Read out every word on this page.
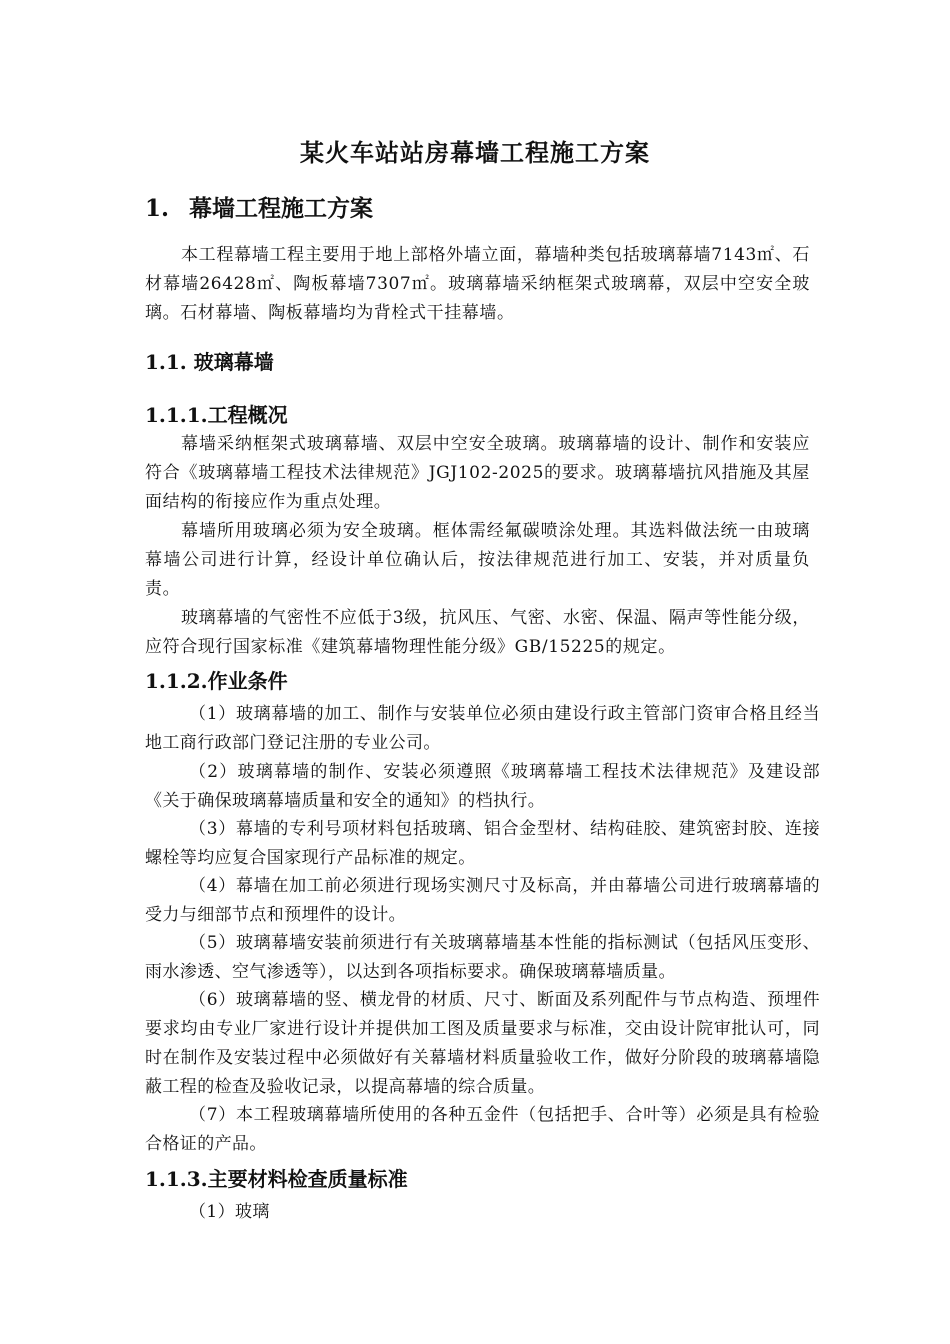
某火车站站房幕墙工程施工方案
1. 幕墙工程施工方案

本工程幕墙工程主要用于地上部格外墙立面，幕墙种类包括玻璃幕墙7143㎡、石材幕墙26428㎡、陶板幕墙7307㎡。玻璃幕墙采纳框架式玻璃幕，双层中空安全玻璃。石材幕墙、陶板幕墙均为背栓式干挂幕墙。

1.1. 玻璃幕墙
1.1.1.工程概况

幕墙采纳框架式玻璃幕墙、双层中空安全玻璃。玻璃幕墙的设计、制作和安装应符合《玻璃幕墙工程技术法律规范》JGJ102-2025的要求。玻璃幕墙抗风措施及其屋面结构的衔接应作为重点处理。

幕墙所用玻璃必须为安全玻璃。框体需经氟碳喷涂处理。其选料做法统一由玻璃幕墙公司进行计算，经设计单位确认后，按法律规范进行加工、安装，并对质量负责。

玻璃幕墙的气密性不应低于3级，抗风压、气密、水密、保温、隔声等性能分级，应符合现行国家标准《建筑幕墙物理性能分级》GB/15225的规定。

1.1.2.作业条件

（1）玻璃幕墙的加工、制作与安装单位必须由建设行政主管部门资审合格且经当地工商行政部门登记注册的专业公司。

（2）玻璃幕墙的制作、安装必须遵照《玻璃幕墙工程技术法律规范》及建设部《关于确保玻璃幕墙质量和安全的通知》的档执行。

（3）幕墙的专利号项材料包括玻璃、铝合金型材、结构硅胶、建筑密封胶、连接螺栓等均应复合国家现行产品标准的规定。

（4）幕墙在加工前必须进行现场实测尺寸及标高，并由幕墙公司进行玻璃幕墙的受力与细部节点和预埋件的设计。

（5）玻璃幕墙安装前须进行有关玻璃幕墙基本性能的指标测试（包括风压变形、雨水渗透、空气渗透等），以达到各项指标要求。确保玻璃幕墙质量。

（6）玻璃幕墙的竖、横龙骨的材质、尺寸、断面及系列配件与节点构造、预埋件要求均由专业厂家进行设计并提供加工图及质量要求与标准，交由设计院审批认可，同时在制作及安装过程中必须做好有关幕墙材料质量验收工作，做好分阶段的玻璃幕墙隐蔽工程的检查及验收记录，以提高幕墙的综合质量。

（7）本工程玻璃幕墙所使用的各种五金件（包括把手、合叶等）必须是具有检验合格证的产品。

1.1.3.主要材料检查质量标准

（1）玻璃
